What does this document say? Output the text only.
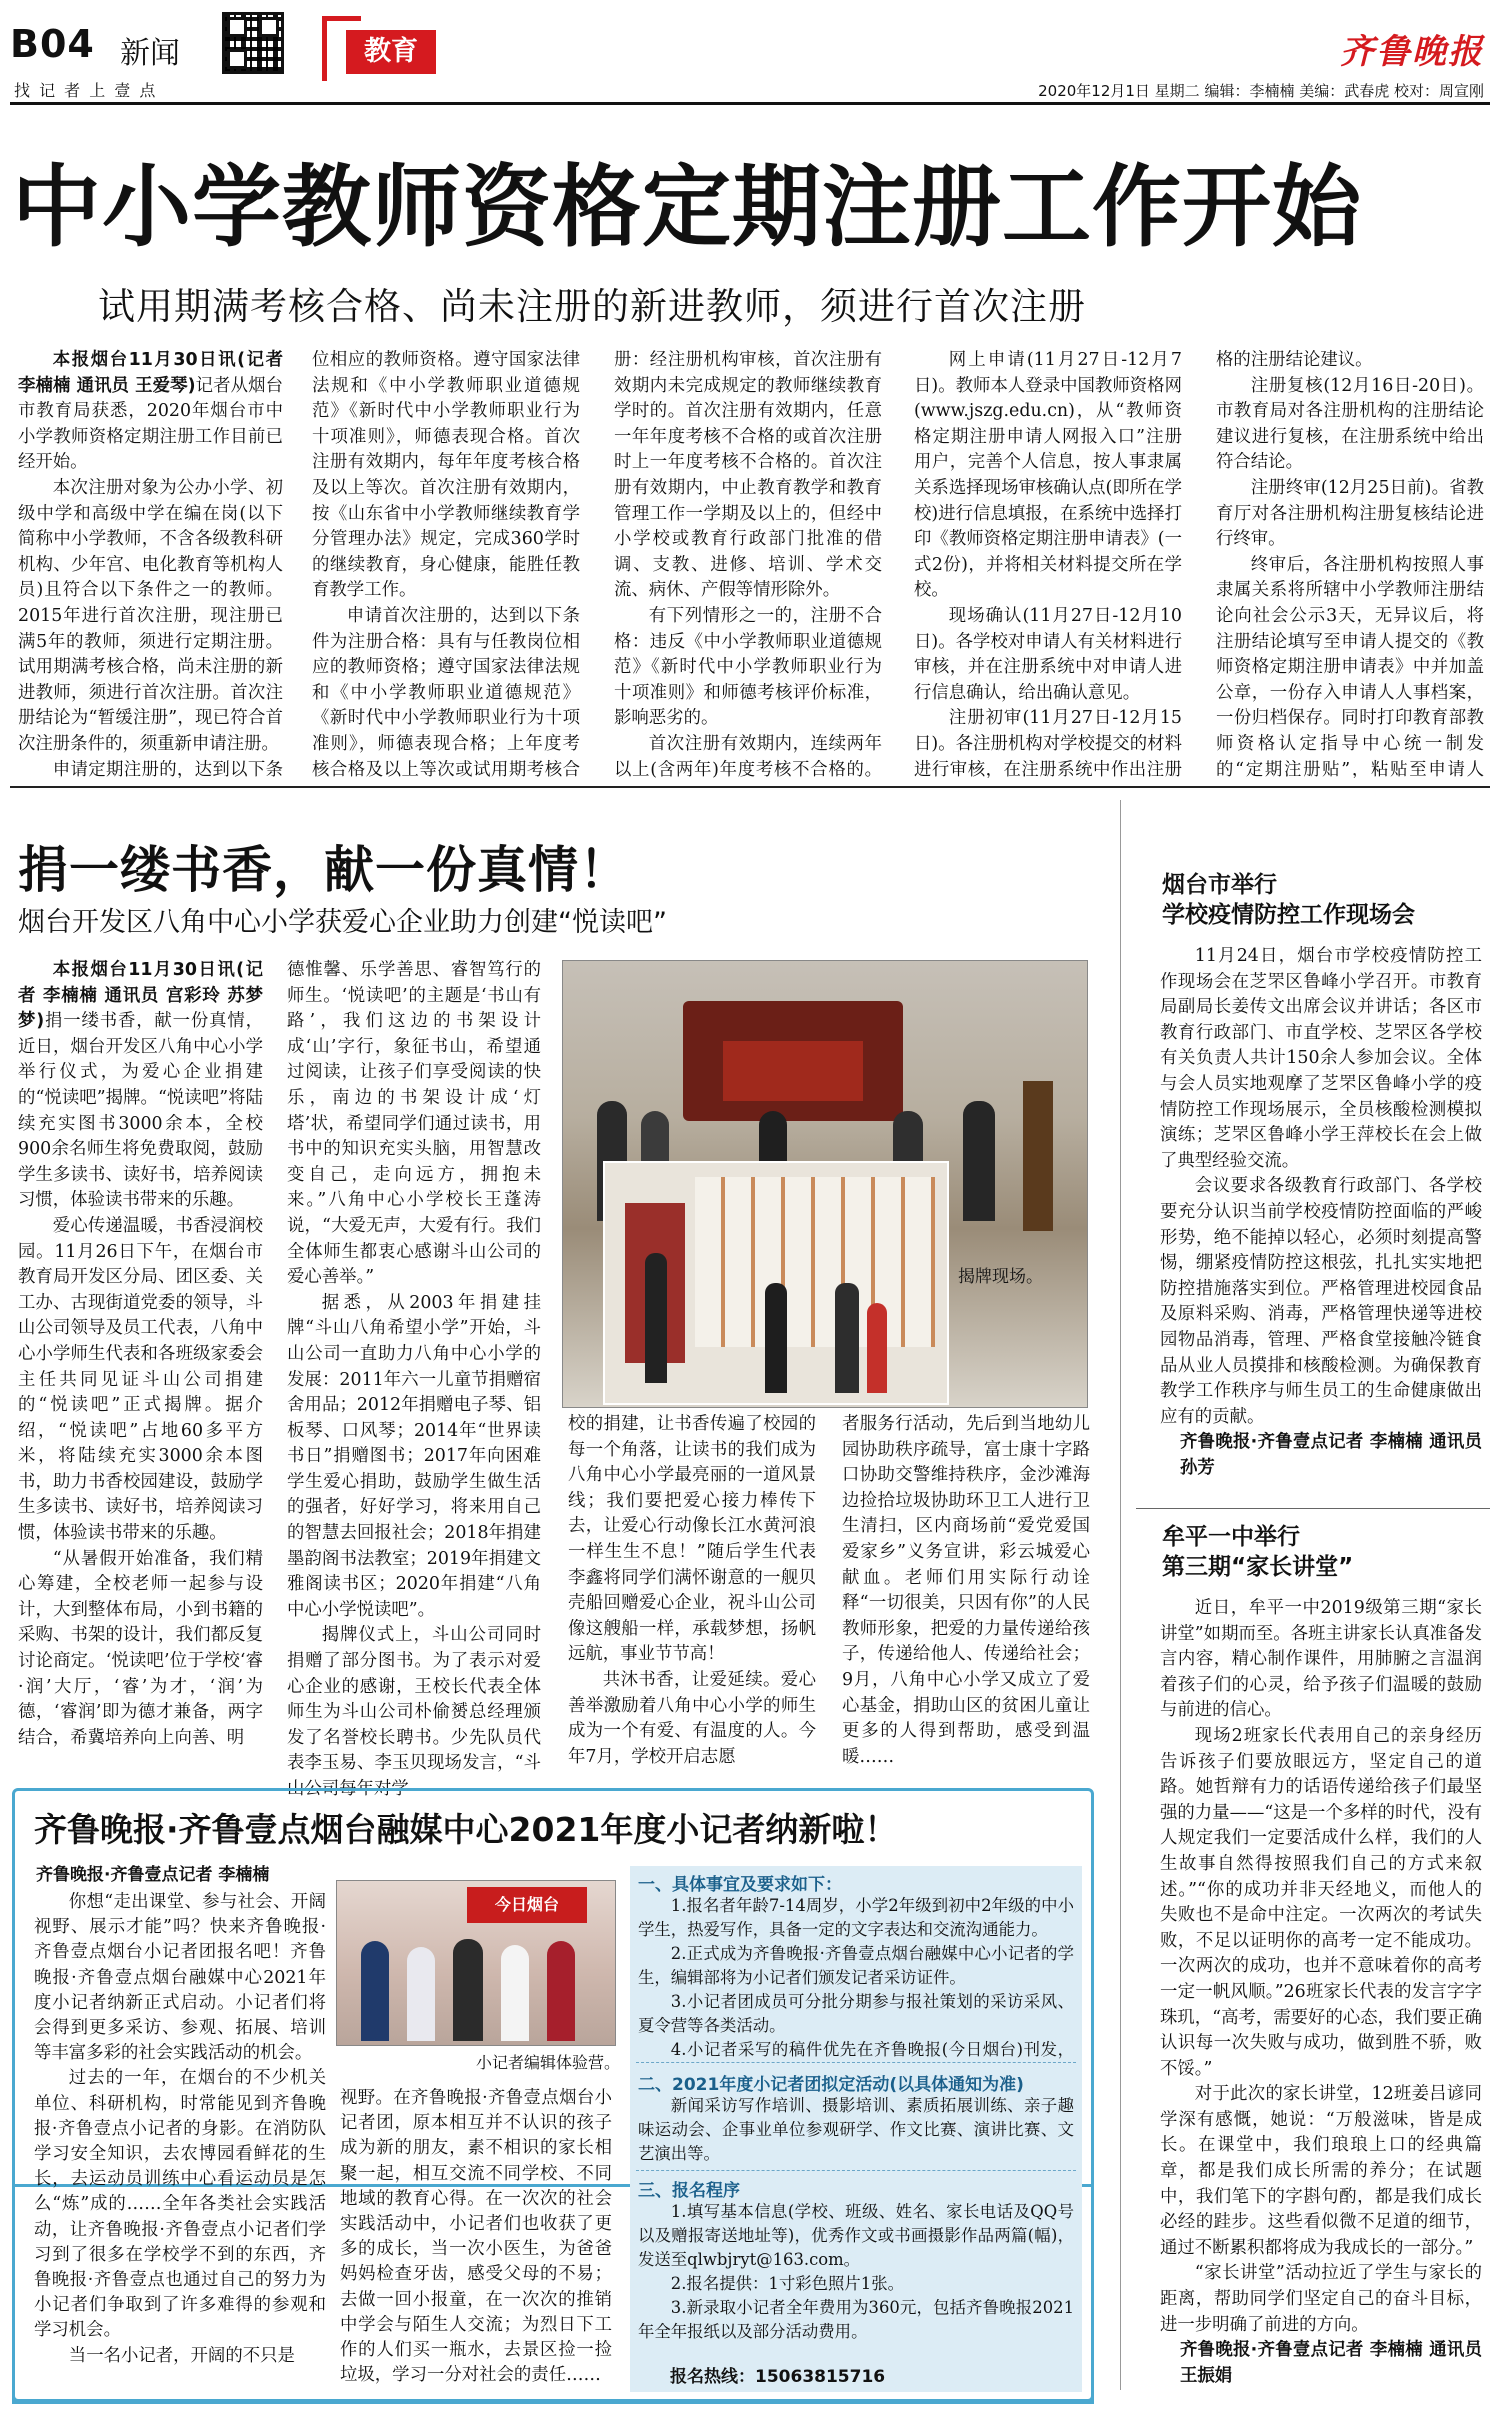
B04 新闻
找 记 者 上 壹 点
教育	齐鲁晚报
2020年12月1日 星期二 编辑：李楠楠 美编：武春虎 校对：周宣刚
中小学教师资格定期注册工作开始
试用期满考核合格、尚未注册的新进教师，须进行首次注册

本报烟台11月30日讯(记者 李楠楠 通讯员 王爱琴)记者从烟台市教育局获悉，2020年烟台市中小学教师资格定期注册工作目前已经开始。

本次注册对象为公办小学、初级中学和高级中学在编在岗(以下简称中小学教师，不含各级教科研机构、少年宫、电化教育等机构人员)且符合以下条件之一的教师。2015年进行首次注册，现注册已满5年的教师，须进行定期注册。试用期满考核合格，尚未注册的新进教师，须进行首次注册。首次注册结论为“暂缓注册”，现已符合首次注册条件的，须重新申请注册。

申请定期注册的，达到以下条

位相应的教师资格。遵守国家法律法规和《中小学教师职业道德规范》《新时代中小学教师职业行为十项准则》，师德表现合格。首次注册有效期内，每年年度考核合格及以上等次。首次注册有效期内，按《山东省中小学教师继续教育学分管理办法》规定，完成360学时的继续教育，身心健康，能胜任教育教学工作。

申请首次注册的，达到以下条件为注册合格：具有与任教岗位相应的教师资格；遵守国家法律法规和《中小学教师职业道德规范》《新时代中小学教师职业行为十项准则》，师德表现合格；上年度考核合格及以上等次或试用期考核合

册：经注册机构审核，首次注册有效期内未完成规定的教师继续教育学时的。首次注册有效期内，任意一年年度考核不合格的或首次注册时上一年度考核不合格的。首次注册有效期内，中止教育教学和教育管理工作一学期及以上的，但经中小学校或教育行政部门批准的借调、支教、进修、培训、学术交流、病休、产假等情形除外。

有下列情形之一的，注册不合格：违反《中小学教师职业道德规范》《新时代中小学教师职业行为十项准则》和师德考核评价标准，影响恶劣的。

首次注册有效期内，连续两年以上(含两年)年度考核不合格的。

网上申请(11月27日-12月7日)。教师本人登录中国教师资格网(www.jszg.edu.cn)，从“教师资格定期注册申请人网报入口”注册用户，完善个人信息，按人事隶属关系选择现场审核确认点(即所在学校)进行信息填报，在系统中选择打印《教师资格定期注册申请表》(一式2份)，并将相关材料提交所在学校。

现场确认(11月27日-12月10日)。各学校对申请人有关材料进行审核，并在注册系统中对申请人进行信息确认，给出确认意见。

注册初审(11月27日-12月15日)。各注册机构对学校提交的材料进行审核，在注册系统中作出注册

格的注册结论建议。

注册复核(12月16日-20日)。市教育局对各注册机构的注册结论建议进行复核，在注册系统中给出符合结论。

注册终审(12月25日前)。省教育厅对各注册机构注册复核结论进行终审。

终审后，各注册机构按照人事隶属关系将所辖中小学教师注册结论向社会公示3天，无异议后，将注册结论填写至申请人提交的《教师资格定期注册申请表》中并加盖公章，一份存入申请人人事档案，一份归档保存。同时打印教育部教师资格认定指导中心统一制发的“定期注册贴”，粘贴至申请人

捐一缕书香，献一份真情！
烟台开发区八角中心小学获爱心企业助力创建“悦读吧”

本报烟台11月30日讯(记者 李楠楠 通讯员 宫彩玲 苏梦梦)捐一缕书香，献一份真情，近日，烟台开发区八角中心小学举行仪式，为爱心企业捐建的“悦读吧”揭牌。“悦读吧”将陆续充实图书3000余本，全校900余名师生将免费取阅，鼓励学生多读书、读好书，培养阅读习惯，体验读书带来的乐趣。

爱心传递温暖，书香浸润校园。11月26日下午，在烟台市教育局开发区分局、团区委、关工办、古现街道党委的领导，斗山公司领导及员工代表，八角中心小学师生代表和各班级家委会主任共同见证斗山公司捐建的“悦读吧”正式揭牌。据介绍，“悦读吧”占地60多平方米，将陆续充实3000余本图书，助力书香校园建设，鼓励学生多读书、读好书，培养阅读习惯，体验读书带来的乐趣。

“从暑假开始准备，我们精心筹建，全校老师一起参与设计，大到整体布局，小到书籍的采购、书架的设计，我们都反复讨论商定。‘悦读吧’位于学校‘睿·润’大厅，‘睿’为才，‘润’为德，‘睿润’即为德才兼备，两字结合，希冀培养向上向善、明

德惟馨、乐学善思、睿智笃行的师生。‘悦读吧’的主题是‘书山有路’，我们这边的书架设计成‘山’字行，象征书山，希望通过阅读，让孩子们享受阅读的快乐，南边的书架设计成‘灯塔’状，希望同学们通过读书，用书中的知识充实头脑，用智慧改变自己，走向远方，拥抱未来。”八角中心小学校长王蓬涛说，“大爱无声，大爱有行。我们全体师生都衷心感谢斗山公司的爱心善举。”

据悉，从2003年捐建挂牌“斗山八角希望小学”开始，斗山公司一直助力八角中心小学的发展：2011年六一儿童节捐赠宿舍用品；2012年捐赠电子琴、铝板琴、口风琴；2014年“世界读书日”捐赠图书；2017年向困难学生爱心捐助，鼓励学生做生活的强者，好好学习，将来用自己的智慧去回报社会；2018年捐建墨韵阁书法教室；2019年捐建文雅阁读书区；2020年捐建“八角中心小学悦读吧”。

揭牌仪式上，斗山公司同时捐赠了部分图书。为了表示对爱心企业的感谢，王校长代表全体师生为斗山公司朴偷赟总经理颁发了名誉校长聘书。少先队员代表李玉易、李玉贝现场发言，“斗山公司每年对学

揭牌现场。

校的捐建，让书香传遍了校园的每一个角落，让读书的我们成为八角中心小学最亮丽的一道风景线；我们要把爱心接力棒传下去，让爱心行动像长江水黄河浪一样生生不息！”随后学生代表李鑫将同学们满怀谢意的一舰贝壳船回赠爱心企业，祝斗山公司像这艘船一样，承载梦想，扬帆远航，事业节节高！

共沐书香，让爱延续。爱心善举激励着八角中心小学的师生成为一个有爱、有温度的人。今年7月，学校开启志愿

者服务行活动，先后到当地幼儿园协助秩序疏导，富士康十字路口协助交警维持秩序，金沙滩海边捡拾垃圾协助环卫工人进行卫生清扫，区内商场前“爱党爱国爱家乡”义务宣讲，彩云城爱心献血。老师们用实际行动诠释“一切很美，只因有你”的人民教师形象，把爱的力量传递给孩子，传递给他人、传递给社会；9月，八角中心小学又成立了爱心基金，捐助山区的贫困儿童让更多的人得到帮助，感受到温暖……

烟台市举行
学校疫情防控工作现场会

11月24日，烟台市学校疫情防控工作现场会在芝罘区鲁峰小学召开。市教育局副局长姜传文出席会议并讲话；各区市教育行政部门、市直学校、芝罘区各学校有关负责人共计150余人参加会议。全体与会人员实地观摩了芝罘区鲁峰小学的疫情防控工作现场展示，全员核酸检测模拟演练；芝罘区鲁峰小学王萍校长在会上做了典型经验交流。

会议要求各级教育行政部门、各学校要充分认识当前学校疫情防控面临的严峻形势，绝不能掉以轻心，必须时刻提高警惕，绷紧疫情防控这根弦，扎扎实实地把防控措施落实到位。严格管理进校园食品及原料采购、消毒，严格管理快递等进校园物品消毒，管理、严格食堂接触冷链食品从业人员摸排和核酸检测。为确保教育教学工作秩序与师生员工的生命健康做出应有的贡献。

齐鲁晚报·齐鲁壹点记者 李楠楠 通讯员 孙芳

牟平一中举行
第三期“家长讲堂”

近日，牟平一中2019级第三期“家长讲堂”如期而至。各班主讲家长认真准备发言内容，精心制作课件，用肺腑之言温润着孩子们的心灵，给予孩子们温暖的鼓励与前进的信心。

现场2班家长代表用自己的亲身经历告诉孩子们要放眼远方，坚定自己的道路。她哲辩有力的话语传递给孩子们最坚强的力量——“这是一个多样的时代，没有人规定我们一定要活成什么样，我们的人生故事自然得按照我们自己的方式来叙述。”“你的成功并非天经地义，而他人的失败也不是命中注定。一次两次的考试失败，不足以证明你的高考一定不能成功。一次两次的成功，也并不意味着你的高考一定一帆风顺。”26班家长代表的发言字字珠玑，“高考，需要好的心态，我们要正确认识每一次失败与成功，做到胜不骄，败不馁。”

对于此次的家长讲堂，12班姜吕谚同学深有感慨，她说：“万般滋味，皆是成长。在课堂中，我们琅琅上口的经典篇章，都是我们成长所需的养分；在试题中，我们笔下的字斟句酌，都是我们成长必经的跬步。这些看似微不足道的细节，通过不断累积都将成为我成长的一部分。”

“家长讲堂”活动拉近了学生与家长的距离，帮助同学们坚定自己的奋斗目标，进一步明确了前进的方向。

齐鲁晚报·齐鲁壹点记者 李楠楠 通讯员 王振娟

齐鲁晚报·齐鲁壹点烟台融媒中心2021年度小记者纳新啦！
齐鲁晚报·齐鲁壹点记者 李楠楠

你想“走出课堂、参与社会、开阔视野、展示才能”吗？快来齐鲁晚报·齐鲁壹点烟台小记者团报名吧！齐鲁晚报·齐鲁壹点烟台融媒中心2021年度小记者纳新正式启动。小记者们将会得到更多采访、参观、拓展、培训等丰富多彩的社会实践活动的机会。

过去的一年，在烟台的不少机关单位、科研机构，时常能见到齐鲁晚报·齐鲁壹点小记者的身影。在消防队学习安全知识，去农博园看鲜花的生长，去运动员训练中心看运动员是怎么“炼”成的……全年各类社会实践活动，让齐鲁晚报·齐鲁壹点小记者们学习到了很多在学校学不到的东西，齐鲁晚报·齐鲁壹点也通过自己的努力为小记者们争取到了许多难得的参观和学习机会。

当一名小记者，开阔的不只是

今日烟台
小记者编辑体验营。

视野。在齐鲁晚报·齐鲁壹点烟台小记者团，原本相互并不认识的孩子成为新的朋友，素不相识的家长相聚一起，相互交流不同学校、不同地域的教育心得。在一次次的社会实践活动中，小记者们也收获了更多的成长，当一次小医生，为爸爸妈妈检查牙齿，感受父母的不易；去做一回小报童，在一次次的推销中学会与陌生人交流；为烈日下工作的人们买一瓶水，去景区捡一捡垃圾，学习一分对社会的责任……

一、具体事宜及要求如下：

1.报名者年龄7-14周岁，小学2年级到初中2年级的中小学生，热爱写作，具备一定的文字表达和交流沟通能力。

2.正式成为齐鲁晚报·齐鲁壹点烟台融媒中心小记者的学生，编辑部将为小记者们颁发记者采访证件。

3.小记者团成员可分批分期参与报社策划的采访采风、夏令营等各类活动。

4.小记者采写的稿件优先在齐鲁晚报(今日烟台)刊发，

二、2021年度小记者团拟定活动(以具体通知为准)

新闻采访写作培训、摄影培训、素质拓展训练、亲子趣味运动会、企事业单位参观研学、作文比赛、演讲比赛、文艺演出等。

三、报名程序

1.填写基本信息(学校、班级、姓名、家长电话及QQ号以及赠报寄送地址等)，优秀作文或书画摄影作品两篇(幅)，发送至qlwbjryt@163.com。

2.报名提供：1寸彩色照片1张。

3.新录取小记者全年费用为360元，包括齐鲁晚报2021年全年报纸以及部分活动费用。

报名热线：15063815716
